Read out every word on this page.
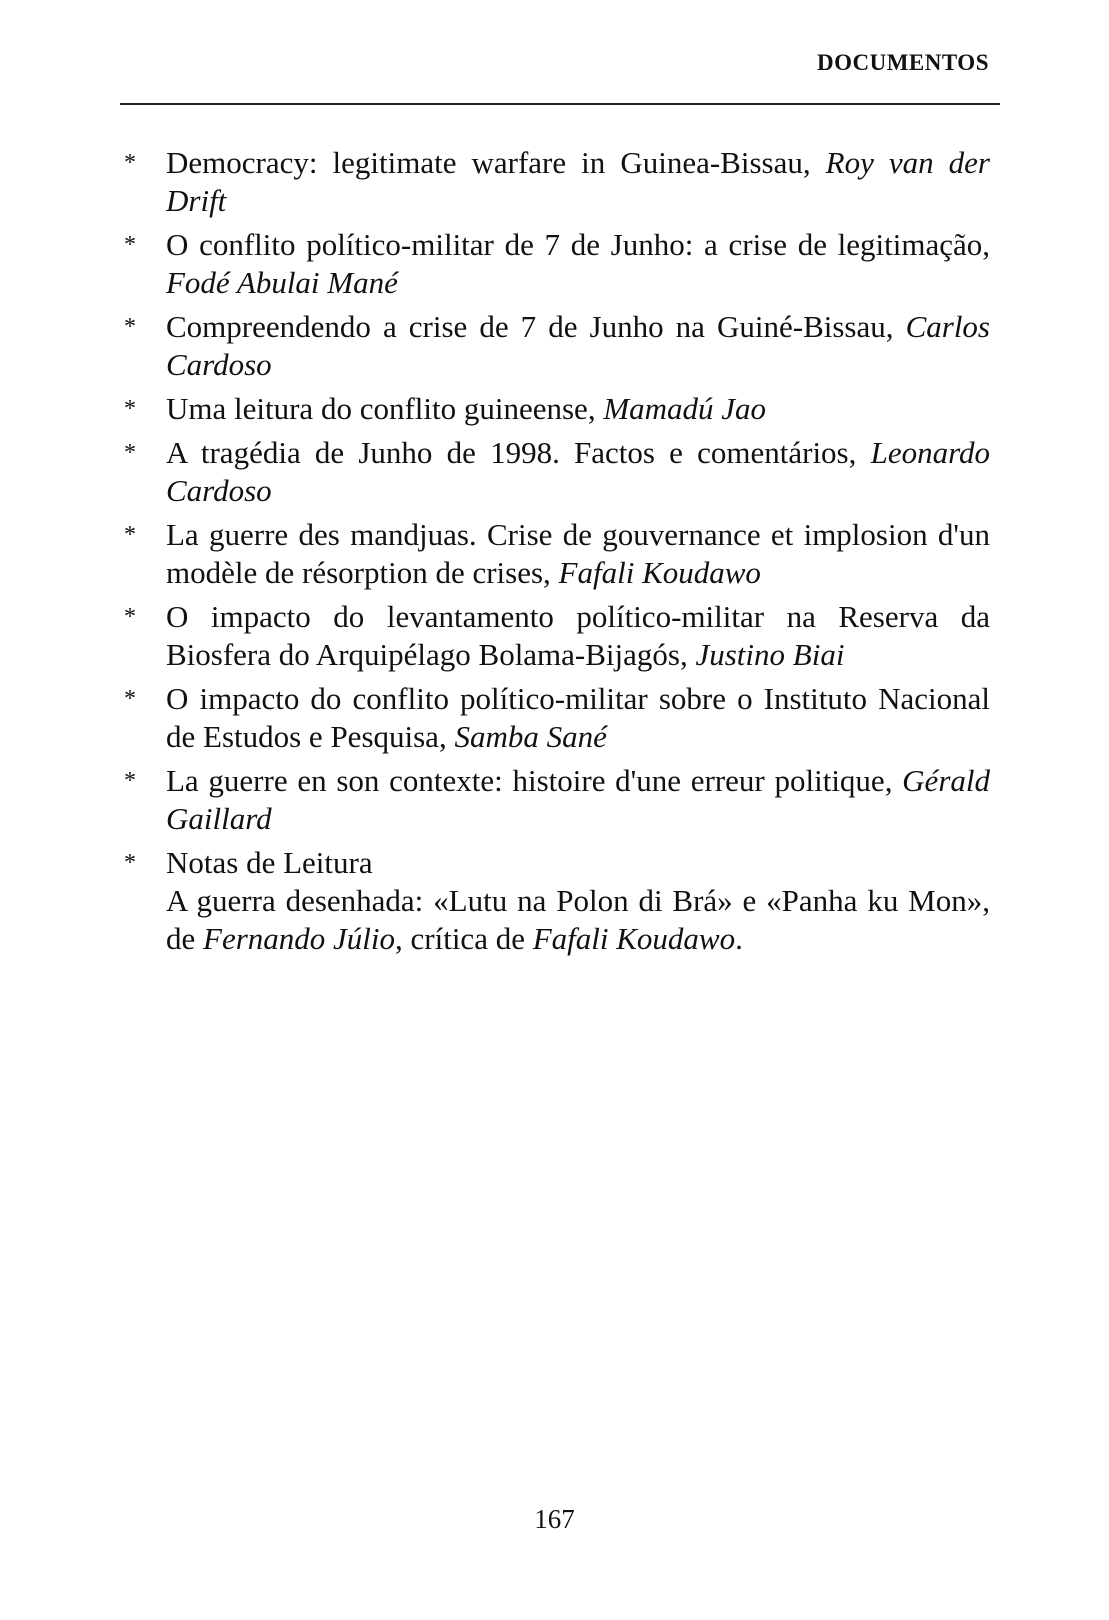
DOCUMENTOS
* Democracy: legitimate warfare in Guinea-Bissau, Roy van der Drift
* O conflito político-militar de 7 de Junho: a crise de legitimação, Fodé Abulai Mané
* Compreendendo a crise de 7 de Junho na Guiné-Bissau, Carlos Cardoso
* Uma leitura do conflito guineense, Mamadú Jao
* A tragédia de Junho de 1998. Factos e comentários, Leonardo Cardoso
* La guerre des mandjuas. Crise de gouvernance et implosion d'un modèle de résorption de crises, Fafali Koudawo
* O impacto do levantamento político-militar na Reserva da Biosfera do Arquipélago Bolama-Bijagós, Justino Biai
* O impacto do conflito político-militar sobre o Instituto Nacional de Estudos e Pesquisa, Samba Sané
* La guerre en son contexte: histoire d'une erreur politique, Gérald Gaillard
* Notas de Leitura
A guerra desenhada: «Lutu na Polon di Brá» e «Panha ku Mon», de Fernando Júlio, crítica de Fafali Koudawo.
167
